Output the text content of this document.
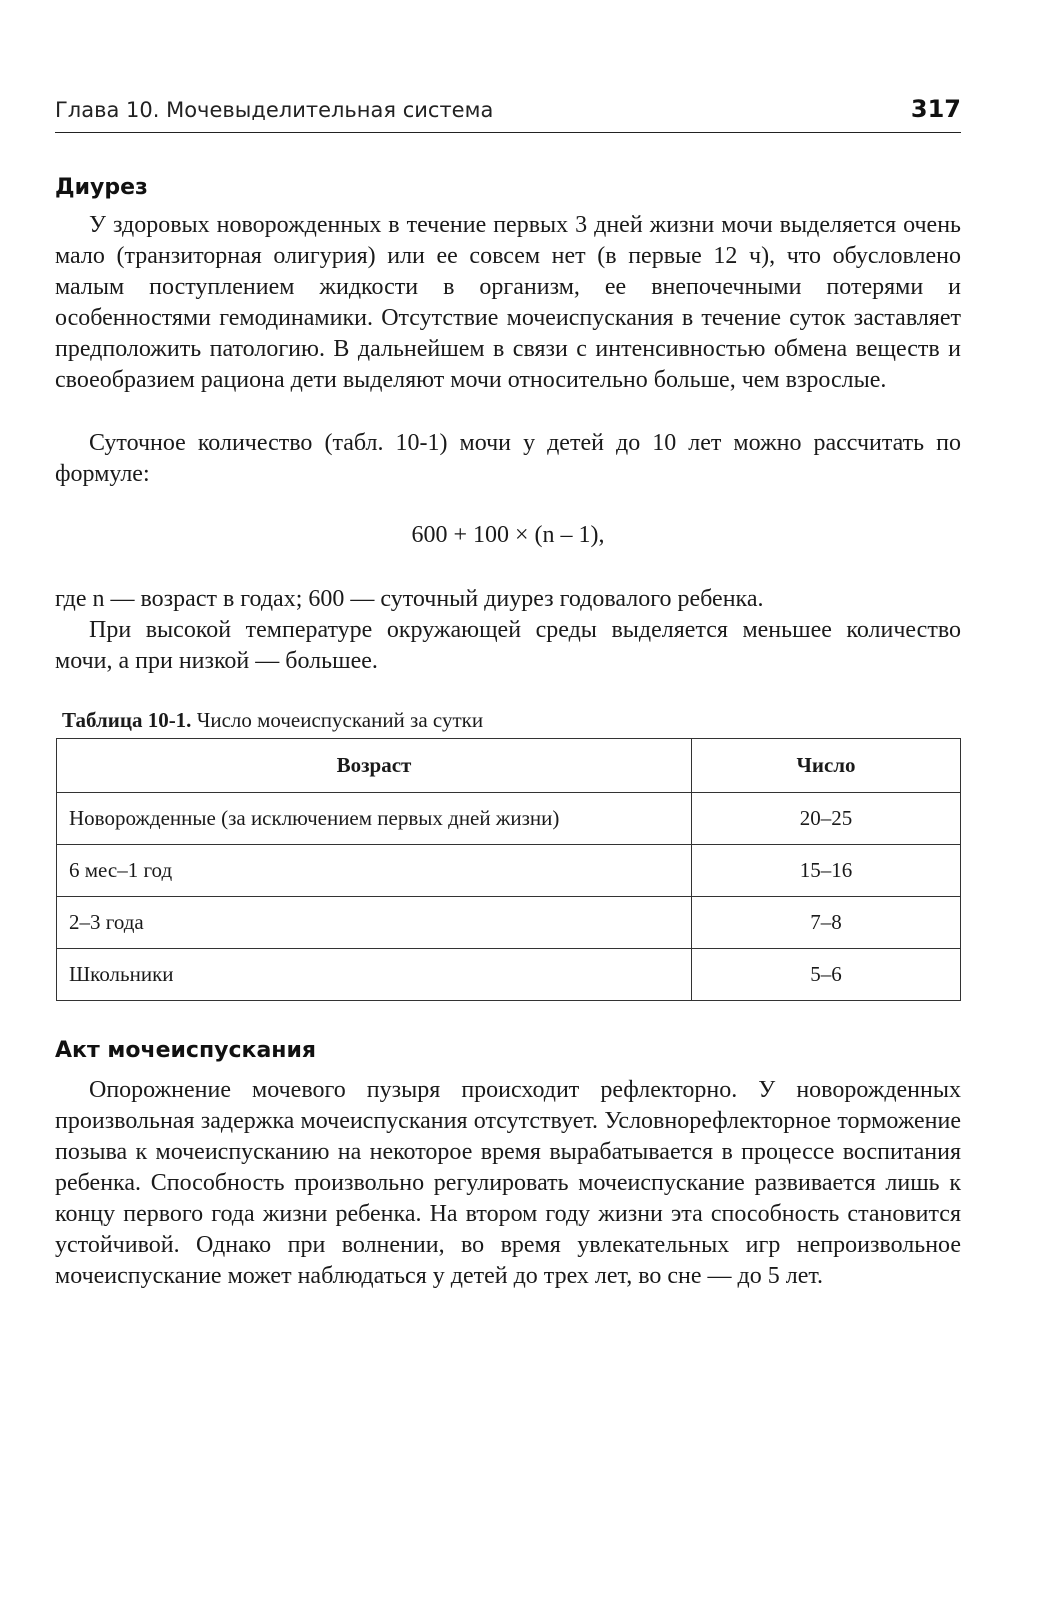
Глава 10. Мочевыделительная система	317
Диурез

У здоровых новорожденных в течение первых 3 дней жизни мочи выделяется очень мало (транзиторная олигурия) или ее совсем нет (в первые 12 ч), что обусловлено малым поступлением жидкости в организм, ее внепочечными потерями и особенностями гемодинамики. Отсутствие мочеиспускания в течение суток заставляет предположить патологию. В дальнейшем в связи с интенсивностью обмена веществ и своеобразием рациона дети выделяют мочи относительно больше, чем взрослые.

Суточное количество (табл. 10-1) мочи у детей до 10 лет можно рассчитать по формуле:

600 + 100 × (n – 1),

где n — возраст в годах; 600 — суточный диурез годовалого ребенка.

При высокой температуре окружающей среды выделяется меньшее количество мочи, а при низкой — большее.

Таблица 10-1. Число мочеиспусканий за сутки

Возраст	Число
Новорожденные (за исключением первых дней жизни)	20–25
6 мес–1 год	15–16
2–3 года	7–8
Школьники	5–6
Акт мочеиспускания

Опорожнение мочевого пузыря происходит рефлекторно. У новорожденных произвольная задержка мочеиспускания отсутствует. Условнорефлекторное торможение позыва к мочеиспусканию на некоторое время вырабатывается в процессе воспитания ребенка. Способность произвольно регулировать мочеиспускание развивается лишь к концу первого года жизни ребенка. На втором году жизни эта способность становится устойчивой. Однако при волнении, во время увлекательных игр непроизвольное мочеиспускание может наблюдаться у детей до трех лет, во сне — до 5 лет.
